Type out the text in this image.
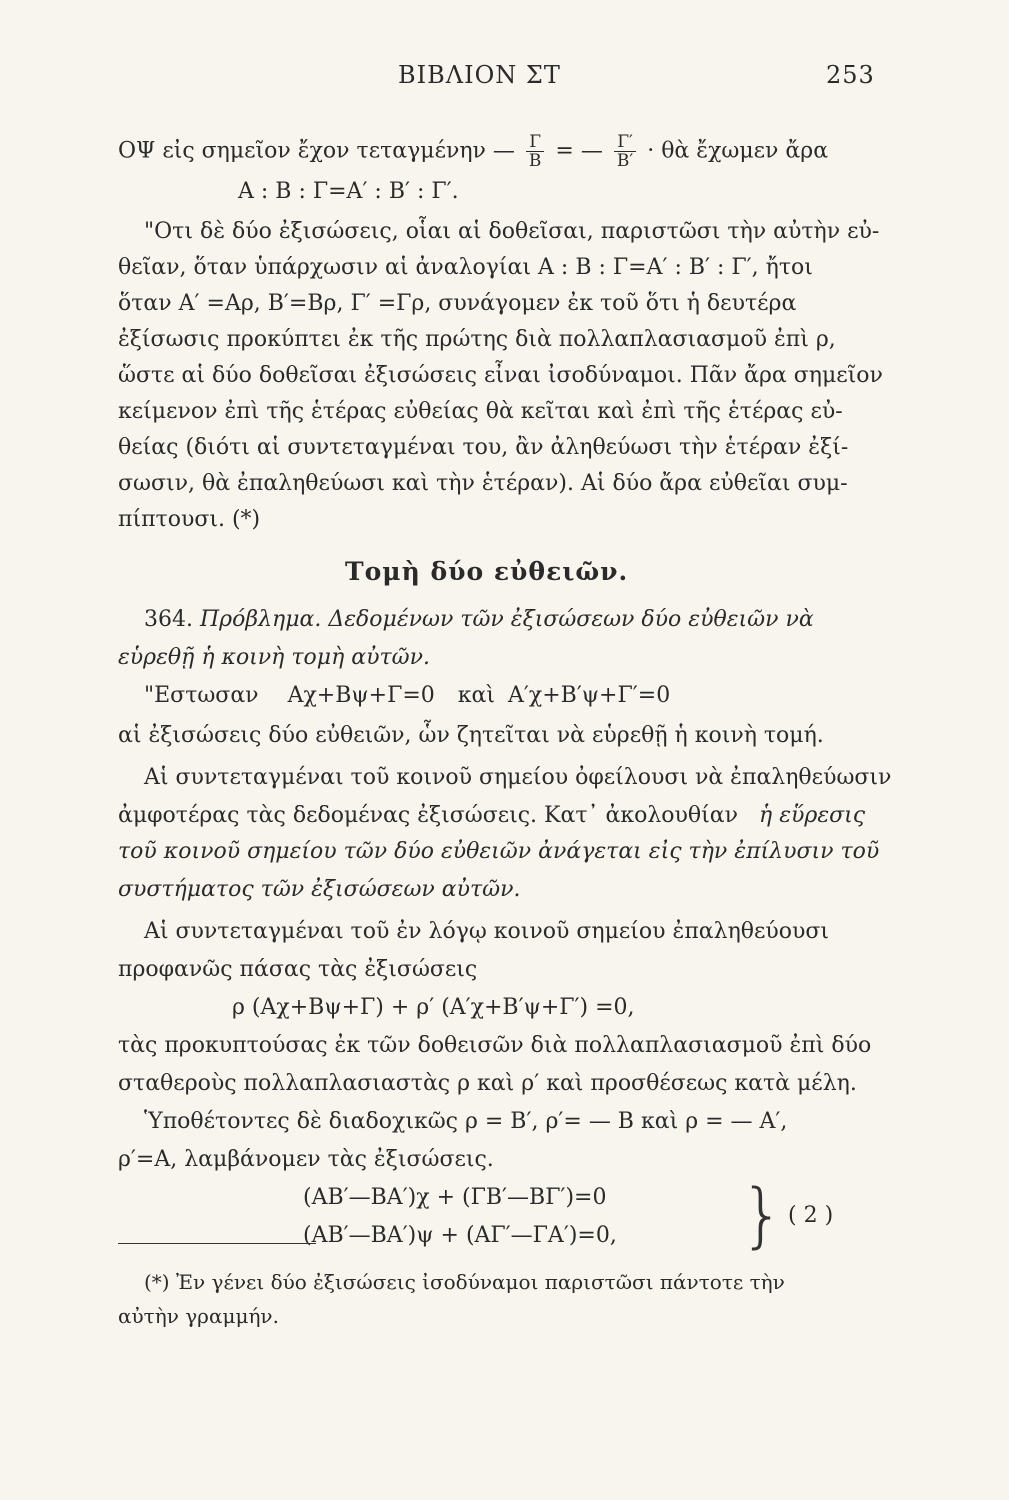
ΒΙΒΛΙΟΝ ΣΤ	253
ΟΨ εἰς σημεῖον ἔχον τεταγμένην — $\frac{\Gamma}{B}$ = — $\frac{\Gamma'}{B'}$ · θὰ ἔχωμεν ἄρα
Α : Β : Γ=Α′ : Β′ : Γ′.
"Οτι δὲ δύο ἐξισώσεις, οἷαι αἱ δοθεῖσαι, παριστῶσι τὴν αὐτὴν εὐ-
θεῖαν, ὅταν ὑπάρχωσιν αἱ ἀναλογίαι Α : Β : Γ=Α′ : Β′ : Γ′, ἤτοι
ὅταν Α′ =Αρ, Β′=Βρ, Γ′ =Γρ, συνάγομεν ἐκ τοῦ ὅτι ἡ δευτέρα
ἐξίσωσις προκύπτει ἐκ τῆς πρώτης διὰ πολλαπλασιασμοῦ ἐπὶ ρ,
ὥστε αἱ δύο δοθεῖσαι ἐξισώσεις εἶναι ἰσοδύναμοι. Πᾶν ἄρα σημεῖον
κείμενον ἐπὶ τῆς ἑτέρας εὐθείας θὰ κεῖται καὶ ἐπὶ τῆς ἑτέρας εὐ-
θείας (διότι αἱ συντεταγμέναι του, ἂν ἀληθεύωσι τὴν ἑτέραν ἐξί-
σωσιν, θὰ ἐπαληθεύωσι καὶ τὴν ἑτέραν). Αἱ δύο ἄρα εὐθεῖαι συμ-
πίπτουσι. (*)
Τομὴ δύο εὐθειῶν.
364. Πρόβλημα. Δεδομένων τῶν ἐξισώσεων δύο εὐθειῶν νὰ
εὑρεθῇ ἡ κοινὴ τομὴ αὐτῶν.
"Εστωσαν Αχ+Βψ+Γ=0 καὶ Α′χ+Β′ψ+Γ′=0
αἱ ἐξισώσεις δύο εὐθειῶν, ὧν ζητεῖται νὰ εὑρεθῇ ἡ κοινὴ τομή.
Αἱ συντεταγμέναι τοῦ κοινοῦ σημείου ὀφείλουσι νὰ ἐπαληθεύωσιν
ἀμφοτέρας τὰς δεδομένας ἐξισώσεις. Κατ᾽ ἀκολουθίαν ἡ εὕρεσις
τοῦ κοινοῦ σημείου τῶν δύο εὐθειῶν ἀνάγεται εἰς τὴν ἐπίλυσιν τοῦ
συστήματος τῶν ἐξισώσεων αὐτῶν.
Αἱ συντεταγμέναι τοῦ ἐν λόγῳ κοινοῦ σημείου ἐπαληθεύουσι
προφανῶς πάσας τὰς ἐξισώσεις
ρ (Αχ+Βψ+Γ) + ρ′ (Α′χ+Β′ψ+Γ′) =0,
τὰς προκυπτούσας ἐκ τῶν δοθεισῶν διὰ πολλαπλασιασμοῦ ἐπὶ δύο
σταθεροὺς πολλαπλασιαστὰς ρ καὶ ρ′ καὶ προσθέσεως κατὰ μέλη.
Ὑποθέτοντες δὲ διαδοχικῶς ρ = Β′, ρ′= — Β καὶ ρ = — Α′,
ρ′=Α, λαμβάνομεν τὰς ἐξισώσεις.
(ΑΒ′—ΒΑ′)χ + (ΓΒ′—ΒΓ′)=0
(ΑΒ′—ΒΑ′)ψ + (ΑΓ′—ΓΑ′)=0, } ( 2 )
(*) Ἐν γένει δύο ἐξισώσεις ἰσοδύναμοι παριστῶσι πάντοτε τὴν
αὐτὴν γραμμήν.
